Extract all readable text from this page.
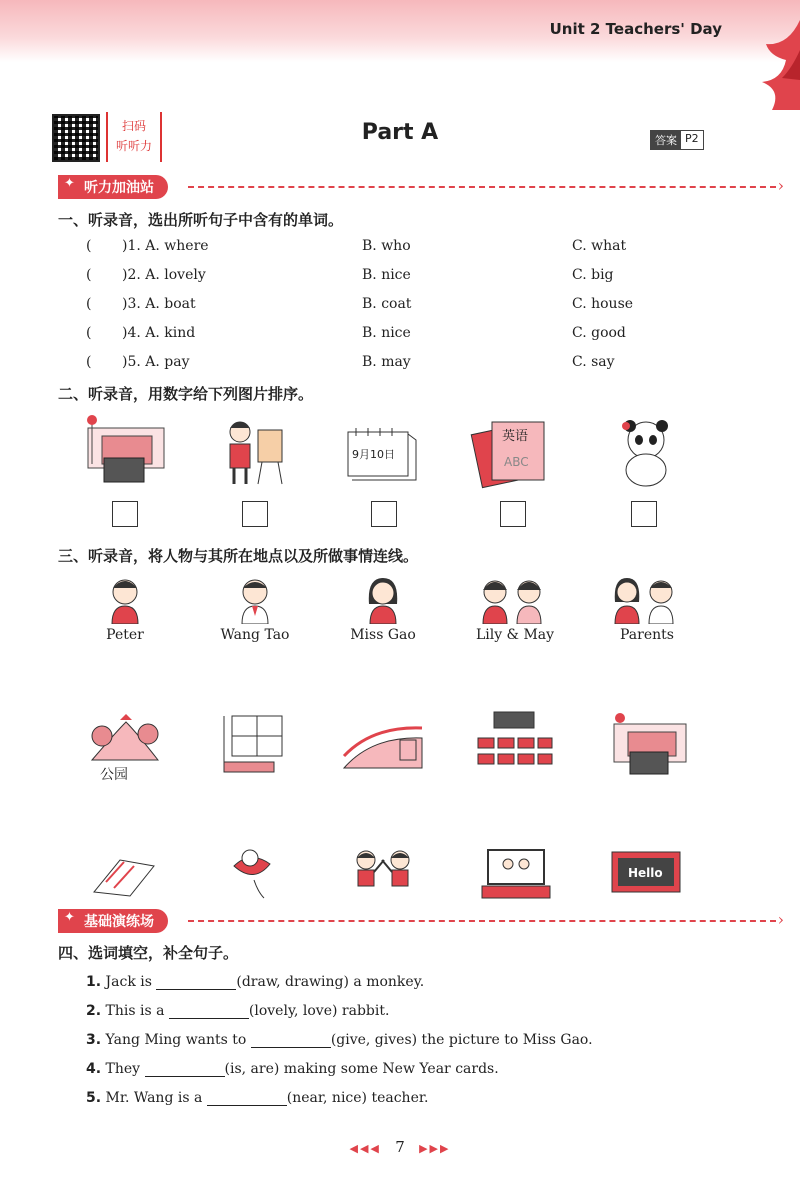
Unit 2 Teachers' Day
扫码
听听力
Part A	答案 P2
✦ 听力加油站
›
一、听录音，选出所听句子中含有的单词。
( )1. A. where	B. who	C. what
( )2. A. lovely	B. nice	C. big
( )3. A. boat	B. coat	C. house
( )4. A. kind	B. nice	C. good
( )5. A. pay	B. may	C. say
二、听录音，用数字给下列图片排序。
9月10日
英语
ABC
三、听录音，将人物与其所在地点以及所做事情连线。
Peter	Wang Tao	Miss Gao	Lily & May	Parents
公园
Hello
✦ 基础演练场
›
四、选词填空，补全句子。
1. Jack is	(draw, drawing) a monkey.
2. This is a	(lovely, love) rabbit.
3. Yang Ming wants to	(give, gives) the picture to Miss Gao.
4. They	(is, are) making some New Year cards.
5. Mr. Wang is a	(near, nice) teacher.
◀◀◀ 7 ▶▶▶
